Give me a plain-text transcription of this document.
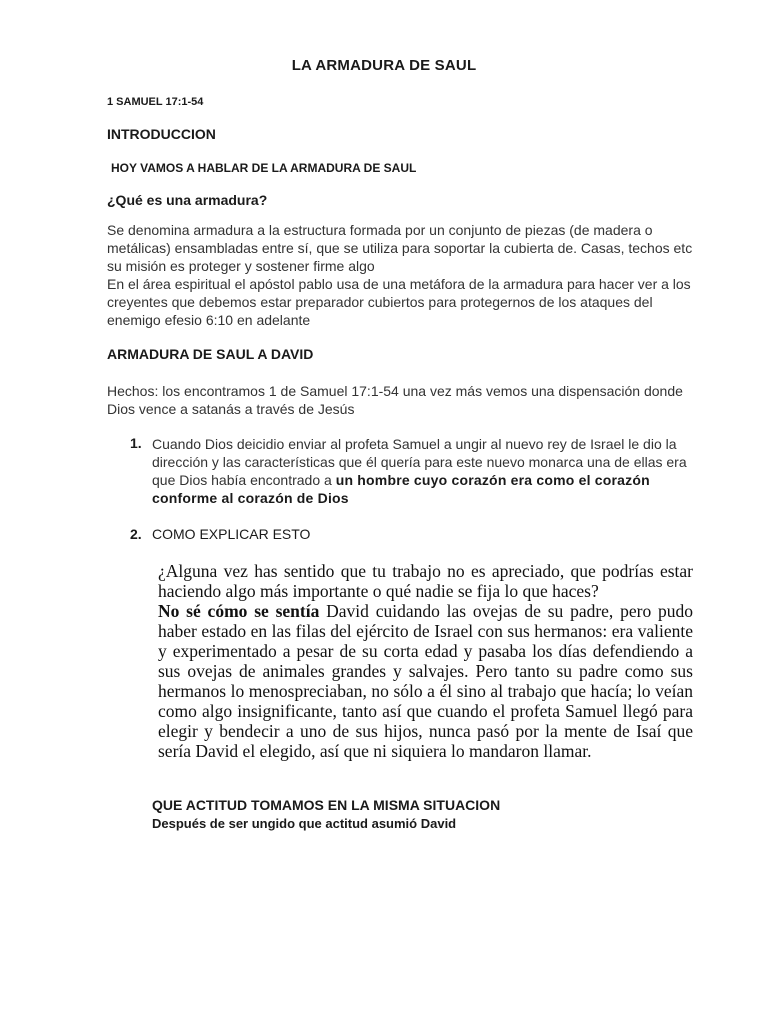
LA ARMADURA DE SAUL
1 SAMUEL 17:1-54
INTRODUCCION
HOY VAMOS A HABLAR DE LA ARMADURA DE SAUL
¿Qué es una armadura?
Se denomina armadura a la estructura formada por un conjunto de piezas (de madera o metálicas) ensambladas entre sí, que se utiliza para soportar la cubierta de. Casas, techos etc su misión es proteger y sostener firme algo
En el área espiritual el apóstol pablo usa de una metáfora de la armadura para hacer ver a los creyentes que debemos estar preparador cubiertos para protegernos de los ataques del enemigo efesio 6:10 en adelante
ARMADURA DE SAUL A DAVID
Hechos: los encontramos 1 de Samuel 17:1-54 una vez más vemos una dispensación donde Dios vence a satanás a través de Jesús
1. Cuando Dios deicidio enviar al profeta Samuel a ungir al nuevo rey de Israel le dio la dirección y las características que él quería para este nuevo monarca una de ellas era que Dios había encontrado a un hombre cuyo corazón era como el corazón conforme al corazón de Dios
2. COMO EXPLICAR ESTO
¿Alguna vez has sentido que tu trabajo no es apreciado, que podrías estar haciendo algo más importante o qué nadie se fija lo que haces?
No sé cómo se sentía David cuidando las ovejas de su padre, pero pudo haber estado en las filas del ejército de Israel con sus hermanos: era valiente y experimentado a pesar de su corta edad y pasaba los días defendiendo a sus ovejas de animales grandes y salvajes. Pero tanto su padre como sus hermanos lo menospreciaban, no sólo a él sino al trabajo que hacía; lo veían como algo insignificante, tanto así que cuando el profeta Samuel llegó para elegir y bendecir a uno de sus hijos, nunca pasó por la mente de Isaí que sería David el elegido, así que ni siquiera lo mandaron llamar.
QUE ACTITUD TOMAMOS EN LA MISMA SITUACION
Después de ser ungido que actitud asumió David
